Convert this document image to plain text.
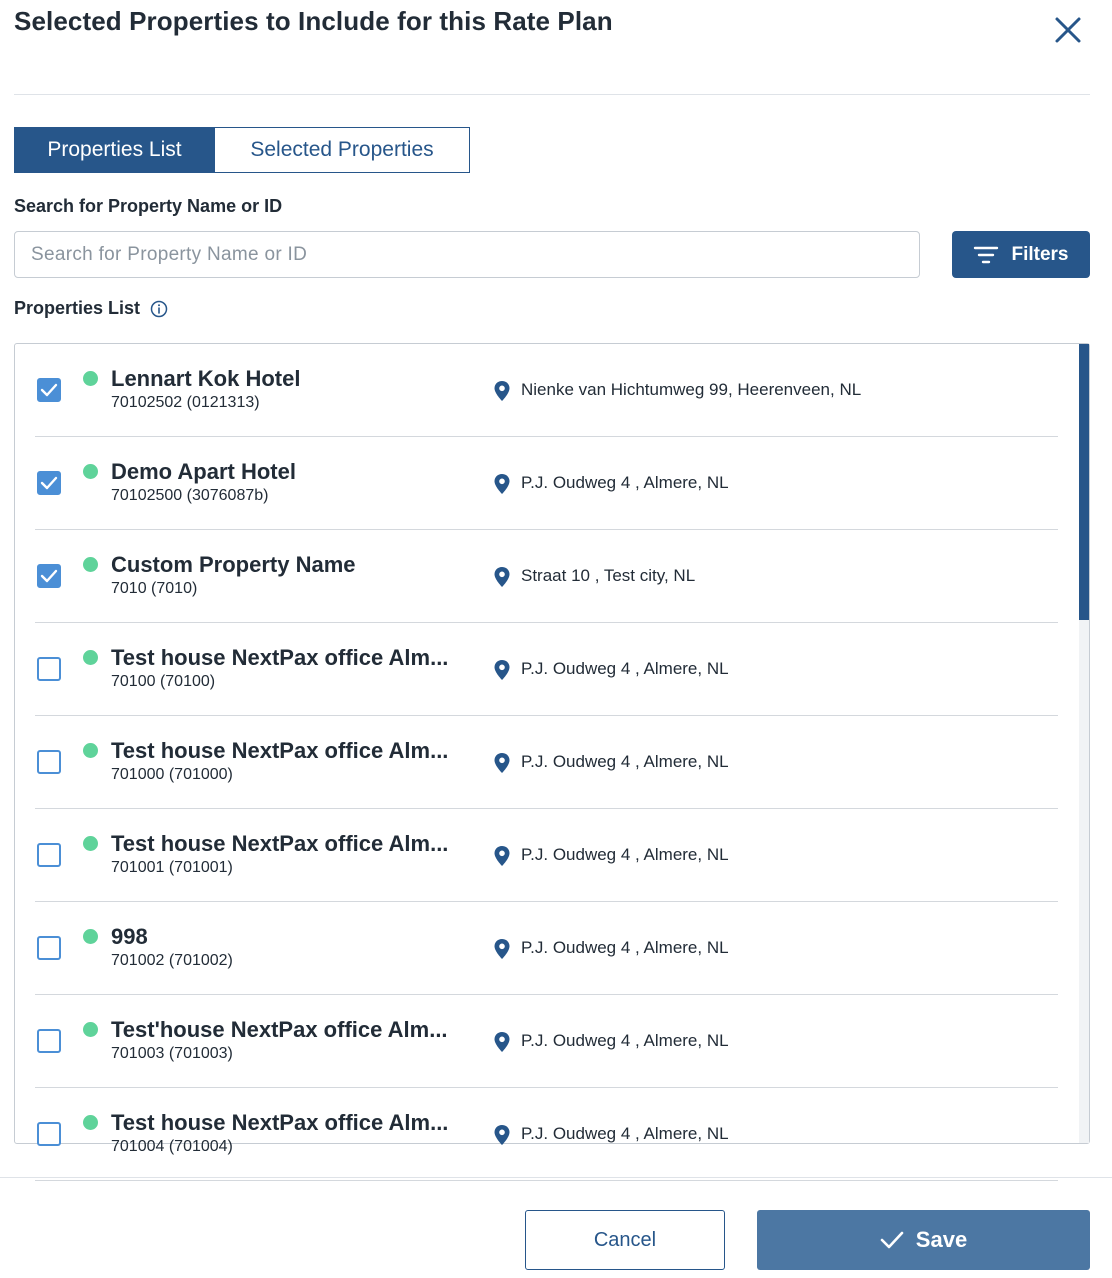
Selected Properties to Include for this Rate Plan
Properties List	Selected Properties
Search for Property Name or ID
Search for Property Name or ID
Filters
Properties List
Lennart Kok Hotel
70102502 (0121313)
Nienke van Hichtumweg 99, Heerenveen, NL
Demo Apart Hotel
70102500 (3076087b)
P.J. Oudweg 4 , Almere, NL
Custom Property Name
7010 (7010)
Straat 10 , Test city, NL
Test house NextPax office Alm...
70100 (70100)
P.J. Oudweg 4 , Almere, NL
Test house NextPax office Alm...
701000 (701000)
P.J. Oudweg 4 , Almere, NL
Test house NextPax office Alm...
701001 (701001)
P.J. Oudweg 4 , Almere, NL
998
701002 (701002)
P.J. Oudweg 4 , Almere, NL
Test'house NextPax office Alm...
701003 (701003)
P.J. Oudweg 4 , Almere, NL
Test house NextPax office Alm...
701004 (701004)
P.J. Oudweg 4 , Almere, NL
Cancel	Save
